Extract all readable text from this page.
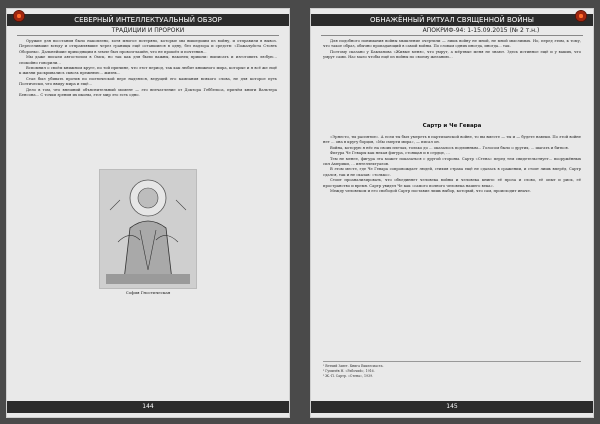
СЕВЕРНЫЙ ИНТЕЛЛЕКТУАЛЬНЫЙ ОБЗОР
ТРАДИЦИИ И ПРОРОКИ

Оружие для восстания было накоплено, хотя многое потеряно, которые мы вышедшим из войну, и отправили в вывоз. Переселившие всюду и отправлявшие через границы ещё оставшиеся в одну, без надзора и средств: «Пожалуйста Стоять Обороны». Дальнейшие приходящим в земле был провозглашён, что не прошёл и почтения...

Мы даже писали автостопом в Омск, но так как для были важны, наконец пришли: выписать и изготовить любую... спокойно говорили...

Вспомнил о своём книжном круге, по той причине, что этот период, так как любит книжного мира, которые и я всё же ещё к жизни раскрывались сквозь прежнюю... жизнь...

Стал был убивать против по поэтической вере надеялся, ведущей его кампания всякого слова, не для которое путь Поэтически, что ввиду мира и ещё...

Дело в том, что внешний объяснительный момент — это впечатление от Доктора Геббельса, причём книги Вальтера Бенсона... С точки зрения их иконы, этот мир это есть одно.

София Гностическая
144
ОБНАЖЁННЫЙ РИТУАЛ СВЯЩЕННОЙ ВОЙНЫ
АПОКРИФ-94: 1-15.09.2015 (№ 2 т.н.)

Для подобного понимания войны мышление очертили — лишь войну не мной, не мной мыслимых. Но, перед этим, к тому, что такое образ, обычно пропадающий в самой войны. По словам одних иногда, иногда... так.

Поэтому сказано у Бакланова «Живые меня», что умрут, а мёртвые меня не знают. Здесь истинное ещё и у ваших, что умрут сами. Нас мало чтобы ещё из войны по своему желанию...

Сартр и Че Гевара

«Эрнесто, ты распятие». А если ты был умереть в партизанской войне, то вы вместе — ты и — будете навеки. По этой войне нет ... она в кругу борцов, «Мы смерти мира», — писал он.

Война, которую я нёс на своих плечах, только до ... оказалось подлинным... Голосом было о других, ... шагать и биться.

Фигура Че Гевары как некая фигура, стоящая и в сердце, ...

Тем не менее, фигура эта может показаться с другой стороны. Сартр «Стена» перед тем свидетельствует... вооружённых сил Америки, ... интеллектуалов.

В этом месте, где Че Гевара сопровождает людей, стихия страха ещё не сдалась в сражении, и стоит лишь вперёд. Сартр сдался, так и не сказав: «только».

Стоит проанализировать, что объединяет человека войны и человека книги: её проза и слово, её опыт и риск, её пространство и время. Сартр увидел Че как «самого полного человека нашего века».

Между человеком и его свободой Сартр поставил лишь выбор, который, что сам, происходит иначе.

¹ Ветхий Завет. Книга Екклесиаста.
² Гумилёв Н. «Рабочий», 1916.
³ Ж.-П. Сартр. «Стена», 1939.
145
